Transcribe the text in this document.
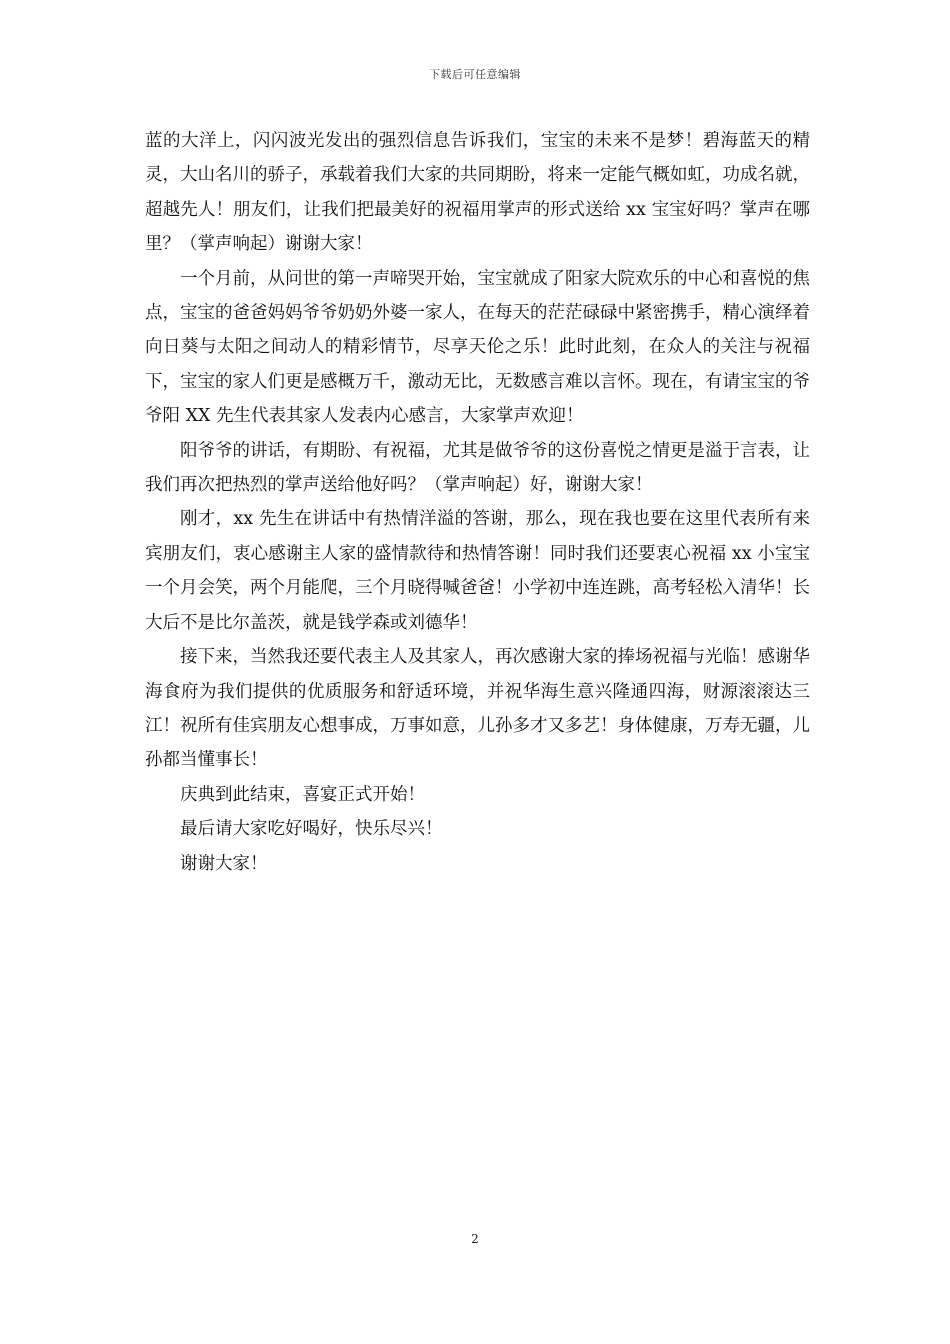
下载后可任意编辑

蓝的大洋上，闪闪波光发出的强烈信息告诉我们，宝宝的未来不是梦！碧海蓝天的精灵，大山名川的骄子，承载着我们大家的共同期盼，将来一定能气概如虹，功成名就，超越先人！朋友们，让我们把最美好的祝福用掌声的形式送给 xx 宝宝好吗？掌声在哪里？（掌声响起）谢谢大家！

一个月前，从问世的第一声啼哭开始，宝宝就成了阳家大院欢乐的中心和喜悦的焦点，宝宝的爸爸妈妈爷爷奶奶外婆一家人，在每天的茫茫碌碌中紧密携手，精心演绎着向日葵与太阳之间动人的精彩情节，尽享天伦之乐！此时此刻，在众人的关注与祝福下，宝宝的家人们更是感概万千，激动无比，无数感言难以言怀。现在，有请宝宝的爷爷阳 XX 先生代表其家人发表内心感言，大家掌声欢迎！

阳爷爷的讲话，有期盼、有祝福，尤其是做爷爷的这份喜悦之情更是溢于言表，让我们再次把热烈的掌声送给他好吗？（掌声响起）好，谢谢大家！

刚才，xx 先生在讲话中有热情洋溢的答谢，那么，现在我也要在这里代表所有来宾朋友们，衷心感谢主人家的盛情款待和热情答谢！同时我们还要衷心祝福 xx 小宝宝一个月会笑，两个月能爬，三个月晓得喊爸爸！小学初中连连跳，高考轻松入清华！长大后不是比尔盖茨，就是钱学森或刘德华！

接下来，当然我还要代表主人及其家人，再次感谢大家的捧场祝福与光临！感谢华海食府为我们提供的优质服务和舒适环境，并祝华海生意兴隆通四海，财源滚滚达三江！祝所有佳宾朋友心想事成，万事如意，儿孙多才又多艺！身体健康，万寿无疆，儿孙都当懂事长！

庆典到此结束，喜宴正式开始！

最后请大家吃好喝好，快乐尽兴！

谢谢大家！

2
